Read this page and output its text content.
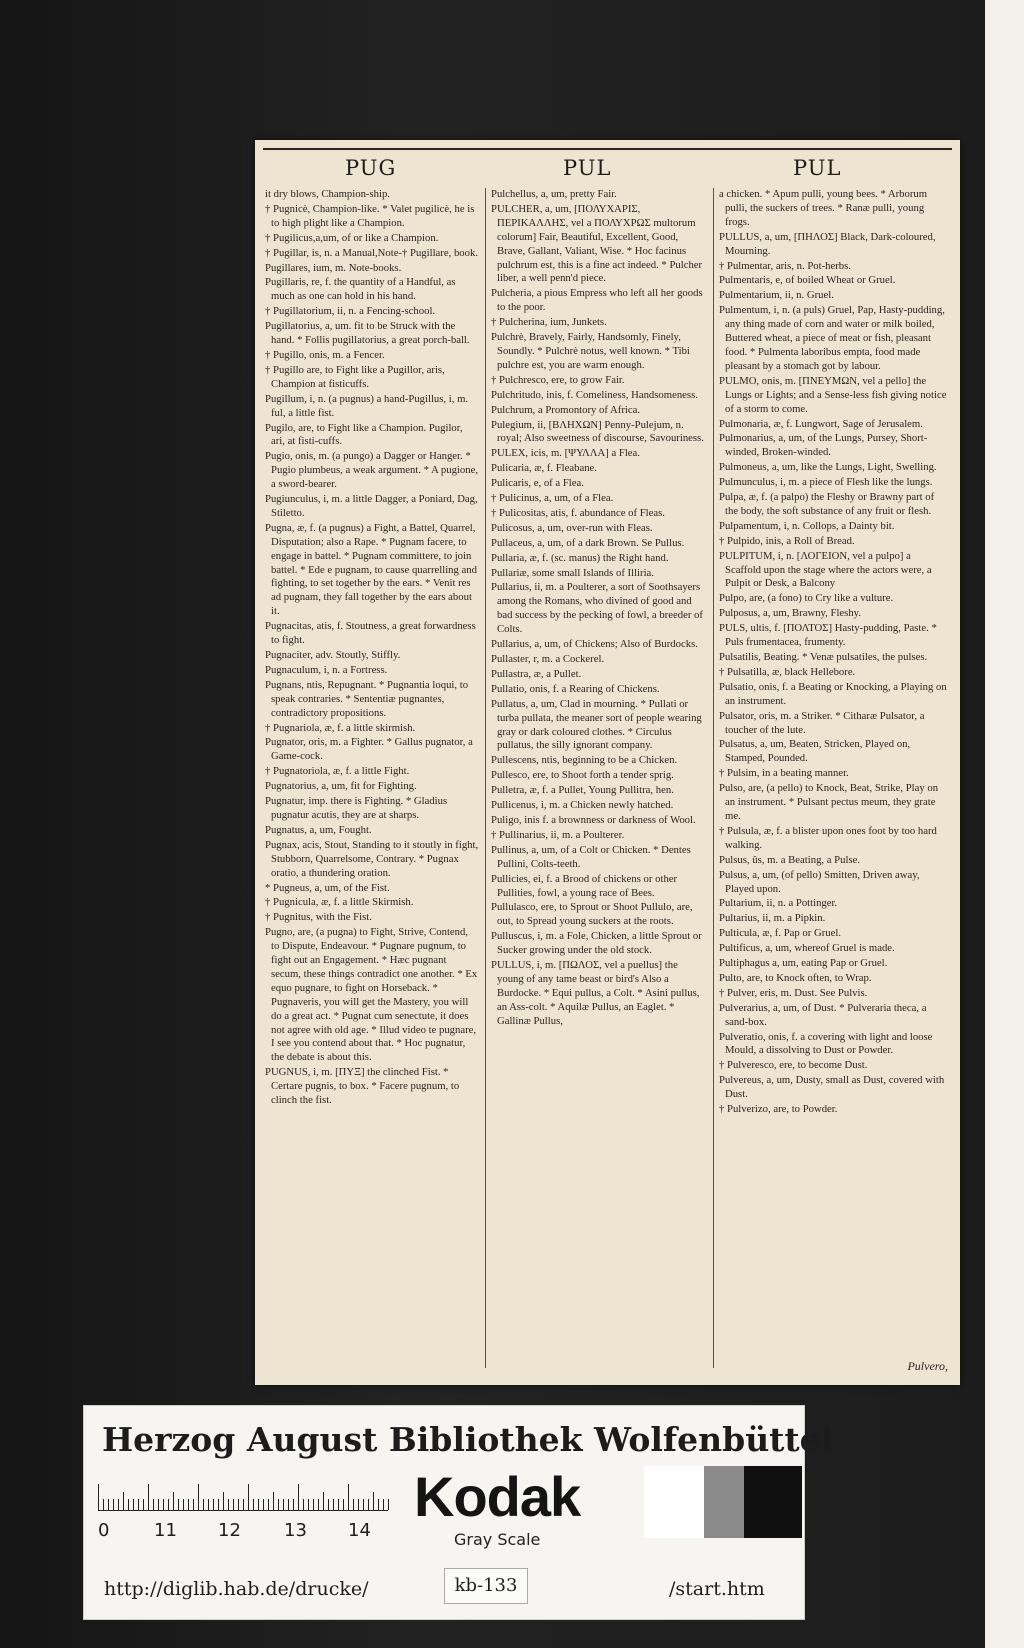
PUG	PUL	PUL
it dry blows, Champion-ship.
† Pugnicè, Champion-like. * Valet pugilicè, he is to high plight like a Champion.
† Pugilicus,a,um, of or like a Champion.
† Pugillar, is, n. a Manual,Note-† Pugillare, book.
Pugillares, ium, m. Note-books.
Pugillaris, re, f. the quantity of a Handful, as much as one can hold in his hand.
† Pugillatorium, ii, n. a Fencing-school.
Pugillatorius, a, um. fit to be Struck with the hand. * Follis pugillatorius, a great porch-ball.
† Pugillo, onis, m. a Fencer.
† Pugillo are, to Fight like a Pugillor, aris, Champion at fisticuffs.
Pugillum, i, n. (a pugnus) a hand-Pugillus, i, m. ful, a little fist.
Pugilo, are, to Fight like a Champion. Pugilor, ari, at fisti-cuffs.
Pugio, onis, m. (a pungo) a Dagger or Hanger. * Pugio plumbeus, a weak argument. * A pugione, a sword-bearer.
Pugiunculus, i, m. a little Dagger, a Poniard, Dag, Stiletto.
Pugna, æ, f. (a pugnus) a Fight, a Battel, Quarrel, Disputation; also a Rape. * Pugnam facere, to engage in battel. * Pugnam committere, to join battel. * Ede e pugnam, to cause quarrelling and fighting, to set together by the ears. * Venit res ad pugnam, they fall together by the ears about it.
Pugnacitas, atis, f. Stoutness, a great forwardness to fight.
Pugnaciter, adv. Stoutly, Stiffly.
Pugnaculum, i, n. a Fortress.
Pugnans, ntis, Repugnant. * Pugnantia loqui, to speak contraries. * Sententiæ pugnantes, contradictory propositions.
† Pugnariola, æ, f. a little skirmish.
Pugnator, oris, m. a Fighter. * Gallus pugnator, a Game-cock.
† Pugnatoriola, æ, f. a little Fight.
Pugnatorius, a, um, fit for Fighting.
Pugnatur, imp. there is Fighting. * Gladius pugnatur acutis, they are at sharps.
Pugnatus, a, um, Fought.
Pugnax, acis, Stout, Standing to it stoutly in fight, Stubborn, Quarrelsome, Contrary. * Pugnax oratio, a thundering oration.
* Pugneus, a, um, of the Fist.
† Pugnicula, æ, f. a little Skirmish.
† Pugnitus, with the Fist.
Pugno, are, (a pugna) to Fight, Strive, Contend, to Dispute, Endeavour. * Pugnare pugnum, to fight out an Engagement. * Hæc pugnant secum, these things contradict one another. * Ex equo pugnare, to fight on Horseback. * Pugnaveris, you will get the Mastery, you will do a great act. * Pugnat cum senectute, it does not agree with old age. * Illud video te pugnare, I see you contend about that. * Hoc pugnatur, the debate is about this.
PUGNUS, i, m. [ΠΥΞ] the clinched Fist. * Certare pugnis, to box. * Facere pugnum, to clinch the fist.
Pulchellus, a, um, pretty Fair.
PULCHER, a, um, [ΠΟΛΥΧΑΡΙΣ, ΠΕΡΙΚΑΛΛΗΣ, vel a ΠΟΛΥΧΡΩΣ multorum colorum] Fair, Beautiful, Excellent, Good, Brave, Gallant, Valiant, Wise. * Hoc facinus pulchrum est, this is a fine act indeed. * Pulcher liber, a well penn'd piece.
Pulcheria, a pious Empress who left all her goods to the poor.
† Pulcherina, ium, Junkets.
Pulchrè, Bravely, Fairly, Handsomly, Finely, Soundly. * Pulchrè notus, well known. * Tibi pulchre est, you are warm enough.
† Pulchresco, ere, to grow Fair.
Pulchritudo, inis, f. Comeliness, Handsomeness.
Pulchrum, a Promontory of Africa.
Pulegium, ii, [ΒΛΗΧΩΝ] Penny-Pulejum, n. royal; Also sweetness of discourse, Savouriness.
PULEX, icis, m. [ΨΥΛΛΑ] a Flea.
Pulicaria, æ, f. Fleabane.
Pulicaris, e, of a Flea.
† Pulicinus, a, um, of a Flea.
† Pulicositas, atis, f. abundance of Fleas.
Pulicosus, a, um, over-run with Fleas.
Pullaceus, a, um, of a dark Brown. Se Pullus.
Pullaria, æ, f. (sc. manus) the Right hand.
Pullariæ, some small Islands of Illiria.
Pullarius, ii, m. a Poulterer, a sort of Soothsayers among the Romans, who divined of good and bad success by the pecking of fowl, a breeder of Colts.
Pullarius, a, um, of Chickens; Also of Burdocks.
Pullaster, r, m. a Cockerel.
Pullastra, æ, a Pullet.
Pullatio, onis, f. a Rearing of Chickens.
Pullatus, a, um, Clad in mourning. * Pullati or turba pullata, the meaner sort of people wearing gray or dark coloured clothes. * Circulus pullatus, the silly ignorant company.
Pullescens, ntis, beginning to be a Chicken.
Pullesco, ere, to Shoot forth a tender sprig.
Pulletra, æ, f. a Pullet, Young Pullitra, hen.
Pullicenus, i, m. a Chicken newly hatched.
Puligo, inis f. a brownness or darkness of Wool.
† Pullinarius, ii, m. a Poulterer.
Pullinus, a, um, of a Colt or Chicken. * Dentes Pullini, Colts-teeth.
Pullicies, ei, f. a Brood of chickens or other Pullities, fowl, a young race of Bees.
Pullulasco, ere, to Sprout or Shoot Pullulo, are, out, to Spread young suckers at the roots.
Pulluscus, i, m. a Fole, Chicken, a little Sprout or Sucker growing under the old stock.
PULLUS, i, m. [ΠΩΛΟΣ, vel a puellus] the young of any tame beast or bird's Also a Burdocke. * Equi pullus, a Colt. * Asini pullus, an Ass-colt. * Aquilæ Pullus, an Eaglet. * Gallinæ Pullus,
a chicken. * Apum pulli, young bees. * Arborum pulli, the suckers of trees. * Ranæ pulli, young frogs.
PULLUS, a, um, [ΠΗΛΟΣ] Black, Dark-coloured, Mourning.
† Pulmentar, aris, n. Pot-herbs.
Pulmentaris, e, of boiled Wheat or Gruel.
Pulmentarium, ii, n. Gruel.
Pulmentum, i, n. (a puls) Gruel, Pap, Hasty-pudding, any thing made of corn and water or milk boiled, Buttered wheat, a piece of meat or fish, pleasant food. * Pulmenta laboribus empta, food made pleasant by a stomach got by labour.
PULMO, onis, m. [ΠΝΕΥΜΩΝ, vel a pello] the Lungs or Lights; and a Sense-less fish giving notice of a storm to come.
Pulmonaria, æ, f. Lungwort, Sage of Jerusalem.
Pulmonarius, a, um, of the Lungs, Pursey, Short-winded, Broken-winded.
Pulmoneus, a, um, like the Lungs, Light, Swelling.
Pulmunculus, i, m. a piece of Flesh like the lungs.
Pulpa, æ, f. (a palpo) the Fleshy or Brawny part of the body, the soft substance of any fruit or flesh.
Pulpamentum, i, n. Collops, a Dainty bit.
† Pulpido, inis, a Roll of Bread.
PULPITUM, i, n. [ΛΟΓΕΙΟΝ, vel a pulpo] a Scaffold upon the stage where the actors were, a Pulpit or Desk, a Balcony
Pulpo, are, (a fono) to Cry like a vulture.
Pulposus, a, um, Brawny, Fleshy.
PULS, ultis, f. [ΠΟΛΤΟΣ] Hasty-pudding, Paste. * Puls frumentacea, frumenty.
Pulsatilis, Beating. * Venæ pulsatiles, the pulses.
† Pulsatilla, æ, black Hellebore.
Pulsatio, onis, f. a Beating or Knocking, a Playing on an instrument.
Pulsator, oris, m. a Striker. * Citharæ Pulsator, a toucher of the lute.
Pulsatus, a, um, Beaten, Stricken, Played on, Stamped, Pounded.
† Pulsim, in a beating manner.
Pulso, are, (a pello) to Knock, Beat, Strike, Play on an instrument. * Pulsant pectus meum, they grate me.
† Pulsula, æ, f. a blister upon ones foot by too hard walking.
Pulsus, ûs, m. a Beating, a Pulse.
Pulsus, a, um, (of pello) Smitten, Driven away, Played upon.
Pultarium, ii, n. a Pottinger.
Pultarius, ii, m. a Pipkin.
Pulticula, æ, f. Pap or Gruel.
Pultificus, a, um, whereof Gruel is made.
Pultiphagus a, um, eating Pap or Gruel.
Pulto, are, to Knock often, to Wrap.
† Pulver, eris, m. Dust. See Pulvis.
Pulverarius, a, um, of Dust. * Pulveraria theca, a sand-box.
Pulveratio, onis, f. a covering with light and loose Mould, a dissolving to Dust or Powder.
† Pulveresco, ere, to become Dust.
Pulvereus, a, um, Dusty, small as Dust, covered with Dust.
† Pulverizo, are, to Powder.
Pulvero,
Herzog August Bibliothek Wolfenbüttel
0 11 12 13 14
Kodak
Gray Scale
http://diglib.hab.de/drucke/	kb-133	/start.htm
